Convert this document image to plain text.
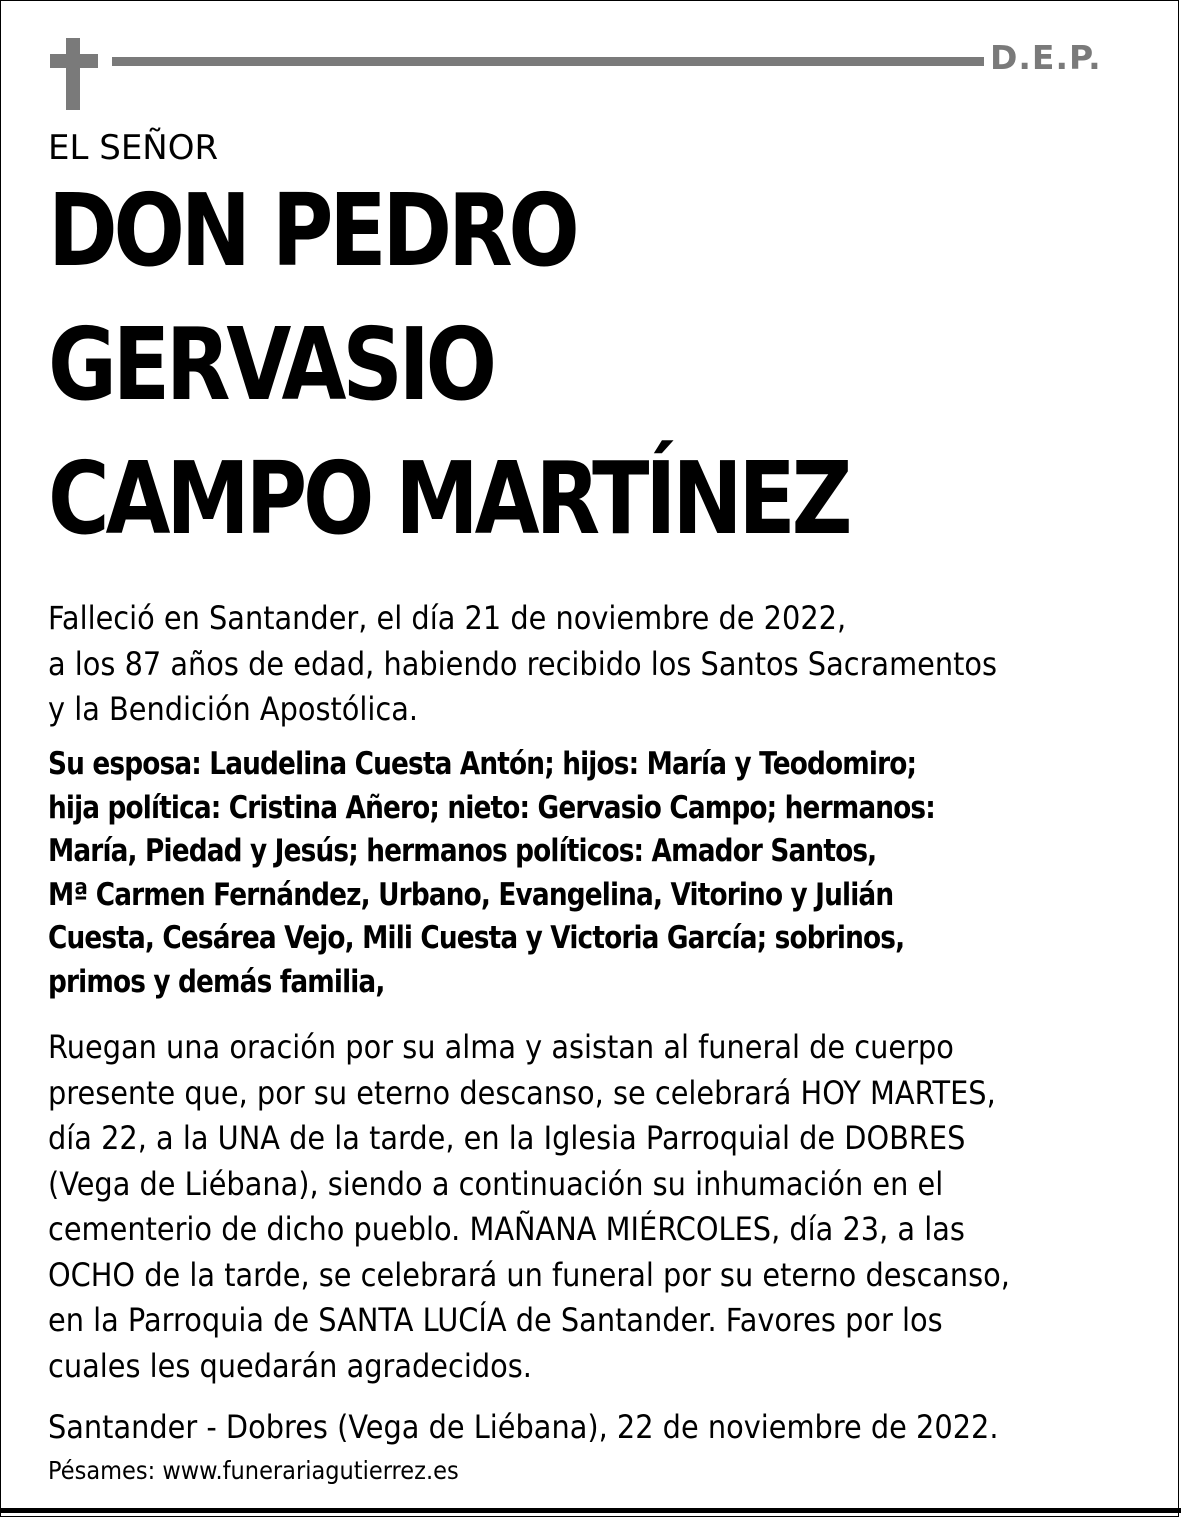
D.E.P.
EL SEÑOR
DON PEDRO
GERVASIO
CAMPO MARTÍNEZ
Falleció en Santander, el día 21 de noviembre de 2022,
a los 87 años de edad, habiendo recibido los Santos Sacramentos
y la Bendición Apostólica.
Su esposa: Laudelina Cuesta Antón; hijos: María y Teodomiro;
hija política: Cristina Añero; nieto: Gervasio Campo; hermanos:
María, Piedad y Jesús; hermanos políticos: Amador Santos,
Mª Carmen Fernández, Urbano, Evangelina, Vitorino y Julián
Cuesta, Cesárea Vejo, Mili Cuesta y Victoria García; sobrinos,
primos y demás familia,
Ruegan una oración por su alma y asistan al funeral de cuerpo
presente que, por su eterno descanso, se celebrará HOY MARTES,
día 22, a la UNA de la tarde, en la Iglesia Parroquial de DOBRES
(Vega de Liébana), siendo a continuación su inhumación en el
cementerio de dicho pueblo. MAÑANA MIÉRCOLES, día 23, a las
OCHO de la tarde, se celebrará un funeral por su eterno descanso,
en la Parroquia de SANTA LUCÍA de Santander. Favores por los
cuales les quedarán agradecidos.
Santander - Dobres (Vega de Liébana), 22 de noviembre de 2022.
Pésames: www.funerariagutierrez.es
